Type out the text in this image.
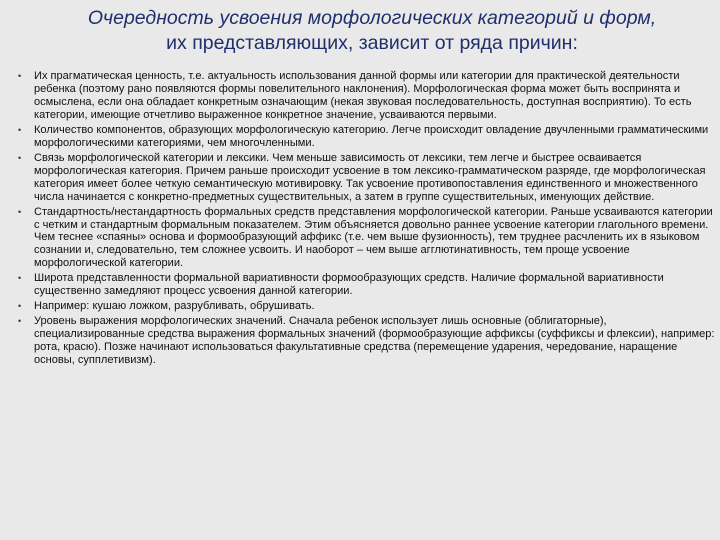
Очередность усвоения морфологических категорий и форм,
их представляющих, зависит от ряда причин:
• Их прагматическая ценность, т.е. актуальность использования данной формы или категории для практической деятельности ребенка (поэтому рано появляются формы повелительного наклонения). Морфологическая форма может быть воспринята и осмыслена, если она обладает конкретным означающим (некая звуковая последовательность, доступная восприятию). То есть категории, имеющие отчетливо выраженное конкретное значение, усваиваются первыми.
• Количество компонентов, образующих морфологическую категорию. Легче происходит овладение двучленными грамматическими морфологическими категориями, чем многочленными.
• Связь морфологической категории и лексики. Чем меньше зависимость от лексики, тем легче и быстрее осваивается морфологическая категория. Причем раньше происходит усвоение в том лексико-грамматическом разряде, где морфологическая категория имеет более четкую семантическую мотивировку. Так усвоение противопоставления единственного и множественного числа начинается с конкретно-предметных существительных, а затем в группе существительных, именующих действие.
• Стандартность/нестандартность формальных средств представления морфологической категории. Раньше усваиваются категории с четким и стандартным формальным показателем. Этим объясняется довольно раннее усвоение категории глагольного времени. Чем теснее «спаяны» основа и формообразующий аффикс (т.е. чем выше фузионность), тем труднее расчленить их в языковом сознании и, следовательно, тем сложнее усвоить. И наоборот – чем выше агглютинативность, тем проще усвоение морфологической категории.
• Широта представленности формальной вариативности формообразующих средств. Наличие формальной вариативности существенно замедляют процесс усвоения данной категории.
• Например: кушаю ложком, разрубливать, обрушивать.
• Уровень выражения морфологических значений. Сначала ребенок использует лишь основные (облигаторные), специализированные средства выражения формальных значений (формообразующие аффиксы (суффиксы и флексии), например: рота, красю). Позже начинают использоваться факультативные средства (перемещение ударения, чередование, наращение основы, супплетивизм).
